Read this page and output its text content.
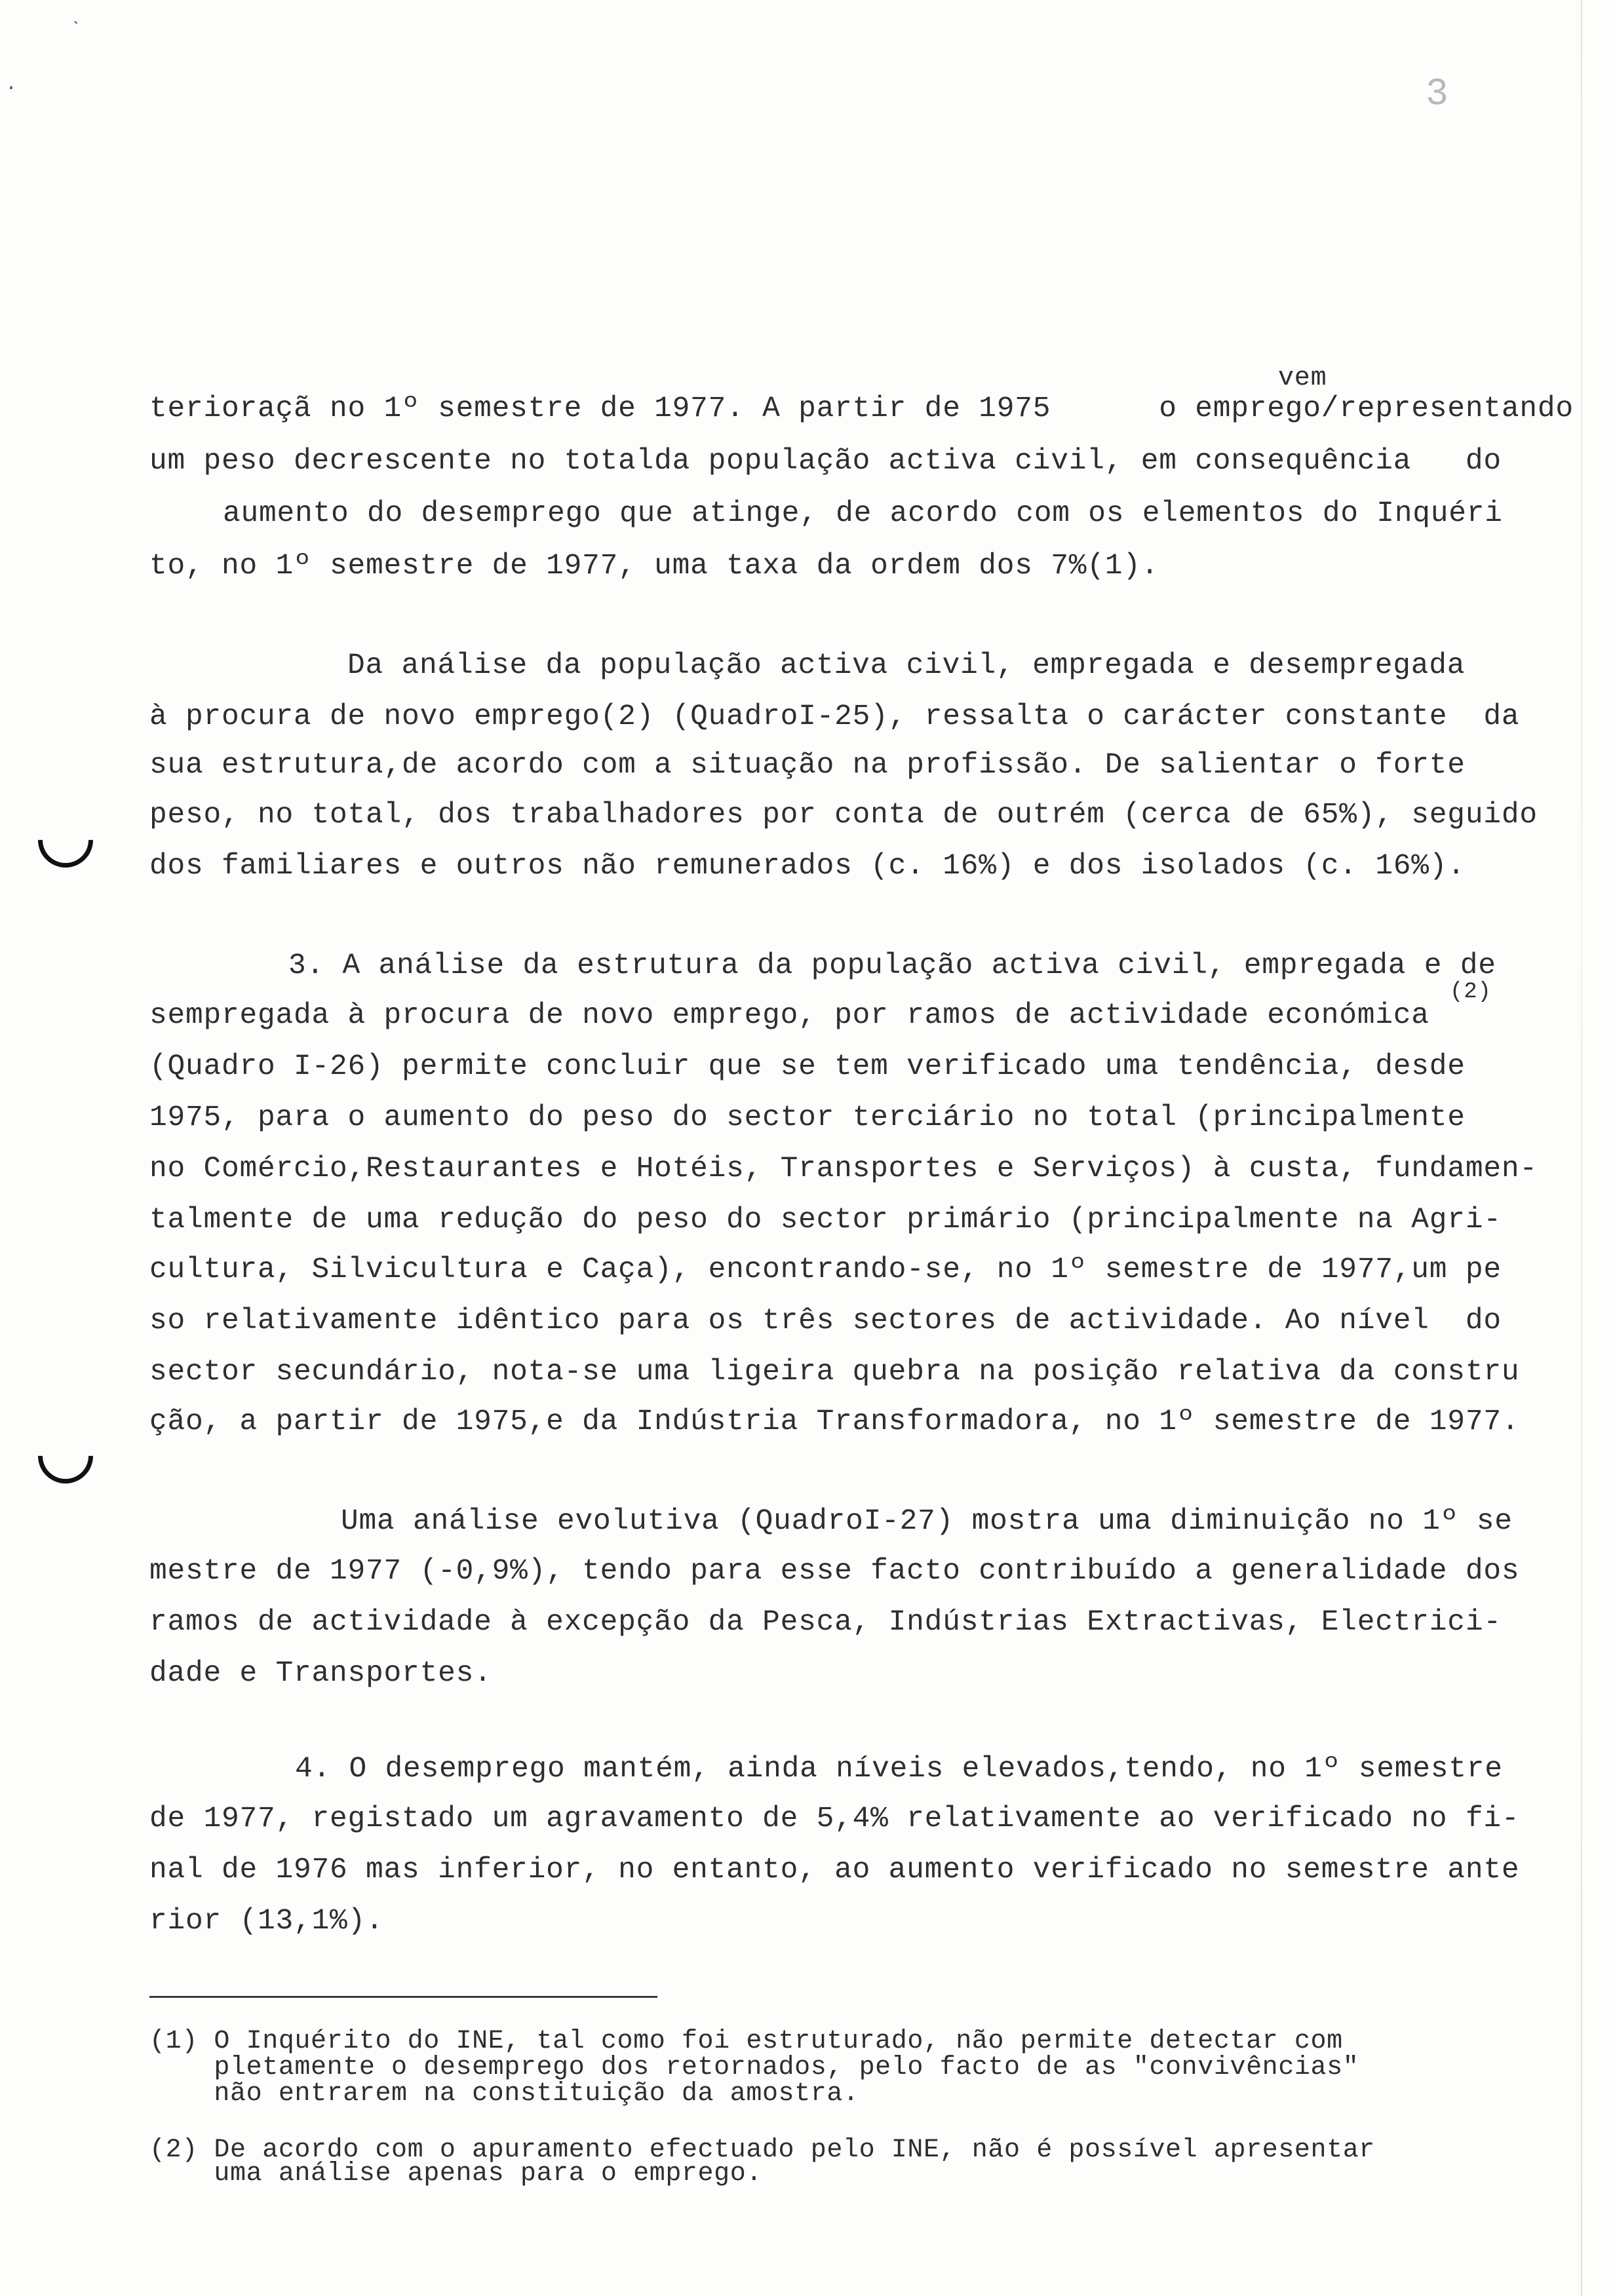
ˋ
·	3
vem
terioraçã no 1º semestre de 1977. A partir de 1975      o emprego/representando
um peso decrescente no totalda população activa civil, em consequência   do
aumento do desemprego que atinge, de acordo com os elementos do Inquéri
to, no 1º semestre de 1977, uma taxa da ordem dos 7%(1).
Da análise da população activa civil, empregada e desempregada
à procura de novo emprego(2) (QuadroI-25), ressalta o carácter constante  da
sua estrutura,de acordo com a situação na profissão. De salientar o forte
peso, no total, dos trabalhadores por conta de outrém (cerca de 65%), seguido
dos familiares e outros não remunerados (c. 16%) e dos isolados (c. 16%).
3. A análise da estrutura da população activa civil, empregada e de
sempregada à procura de novo emprego, por ramos de actividade económica
(2)
(Quadro I-26) permite concluir que se tem verificado uma tendência, desde
1975, para o aumento do peso do sector terciário no total (principalmente
no Comércio,Restaurantes e Hotéis, Transportes e Serviços) à custa, fundamen-
talmente de uma redução do peso do sector primário (principalmente na Agri-
cultura, Silvicultura e Caça), encontrando-se, no 1º semestre de 1977,um pe
so relativamente idêntico para os três sectores de actividade. Ao nível  do
sector secundário, nota-se uma ligeira quebra na posição relativa da constru
ção, a partir de 1975,e da Indústria Transformadora, no 1º semestre de 1977.
Uma análise evolutiva (QuadroI-27) mostra uma diminuição no 1º se
mestre de 1977 (-0,9%), tendo para esse facto contribuído a generalidade dos
ramos de actividade à excepção da Pesca, Indústrias Extractivas, Electrici-
dade e Transportes.
4. O desemprego mantém, ainda níveis elevados,tendo, no 1º semestre
de 1977, registado um agravamento de 5,4% relativamente ao verificado no fi-
nal de 1976 mas inferior, no entanto, ao aumento verificado no semestre ante
rior (13,1%).
(1) O Inquérito do INE, tal como foi estruturado, não permite detectar com
pletamente o desemprego dos retornados, pelo facto de as "convivências"
não entrarem na constituição da amostra.
(2) De acordo com o apuramento efectuado pelo INE, não é possível apresentar
uma análise apenas para o emprego.
